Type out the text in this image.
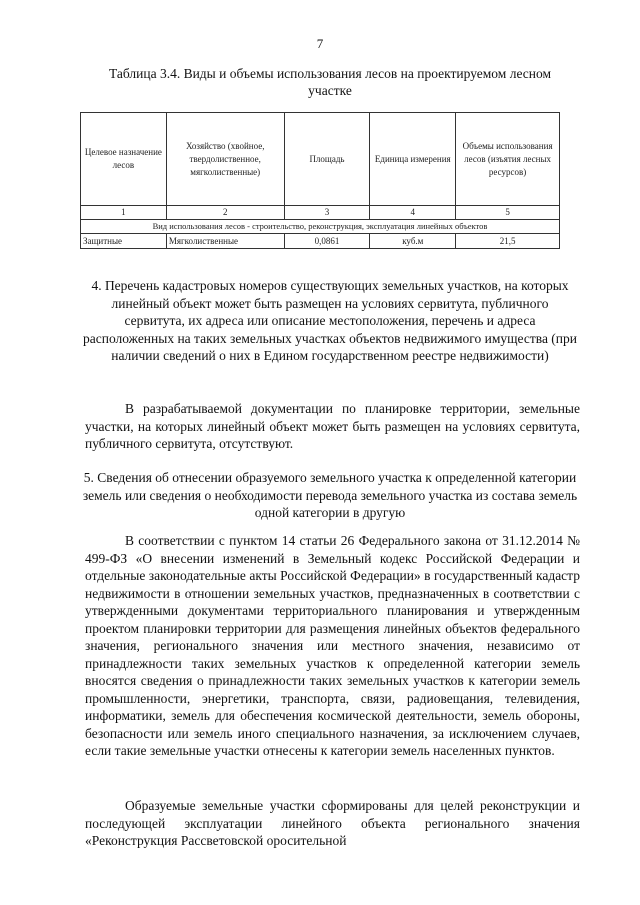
7
Таблица 3.4. Виды и объемы использования лесов на проектируемом лесном участке
Целевое назначение лесов	Хозяйство (хвойное, твердолиственное, мягколиственные)	Площадь	Единица измерения	Объемы использования лесов (изъятия лесных ресурсов)
1	2	3	4	5
Вид использования лесов - строительство, реконструкция, эксплуатация линейных объектов				
Защитные	Мягколиственные	0,0861	куб.м	21,5
4. Перечень кадастровых номеров существующих земельных участков, на которых линейный объект может быть размещен на условиях сервитута, публичного сервитута, их адреса или описание местоположения, перечень и адреса расположенных на таких земельных участках объектов недвижимого имущества (при наличии сведений о них в Едином государственном реестре недвижимости)
В разрабатываемой документации по планировке территории, земельные участки, на которых линейный объект может быть размещен на условиях сервитута, публичного сервитута, отсутствуют.
5. Сведения об отнесении образуемого земельного участка к определенной категории земель или сведения о необходимости перевода земельного участка из состава земель одной категории в другую
В соответствии с пунктом 14 статьи 26 Федерального закона от 31.12.2014 № 499-ФЗ «О внесении изменений в Земельный кодекс Российской Федерации и отдельные законодательные акты Российской Федерации» в государственный кадастр недвижимости в отношении земельных участков, предназначенных в соответствии с утвержденными документами территориального планирования и утвержденным проектом планировки территории для размещения линейных объектов федерального значения, регионального значения или местного значения, независимо от принадлежности таких земельных участков к определенной категории земель вносятся сведения о принадлежности таких земельных участков к категории земель промышленности, энергетики, транспорта, связи, радиовещания, телевидения, информатики, земель для обеспечения космической деятельности, земель обороны, безопасности или земель иного специального назначения, за исключением случаев, если такие земельные участки отнесены к категории земель населенных пунктов.
Образуемые земельные участки сформированы для целей реконструкции и последующей эксплуатации линейного объекта регионального значения «Реконструкция Рассветовской оросительной
